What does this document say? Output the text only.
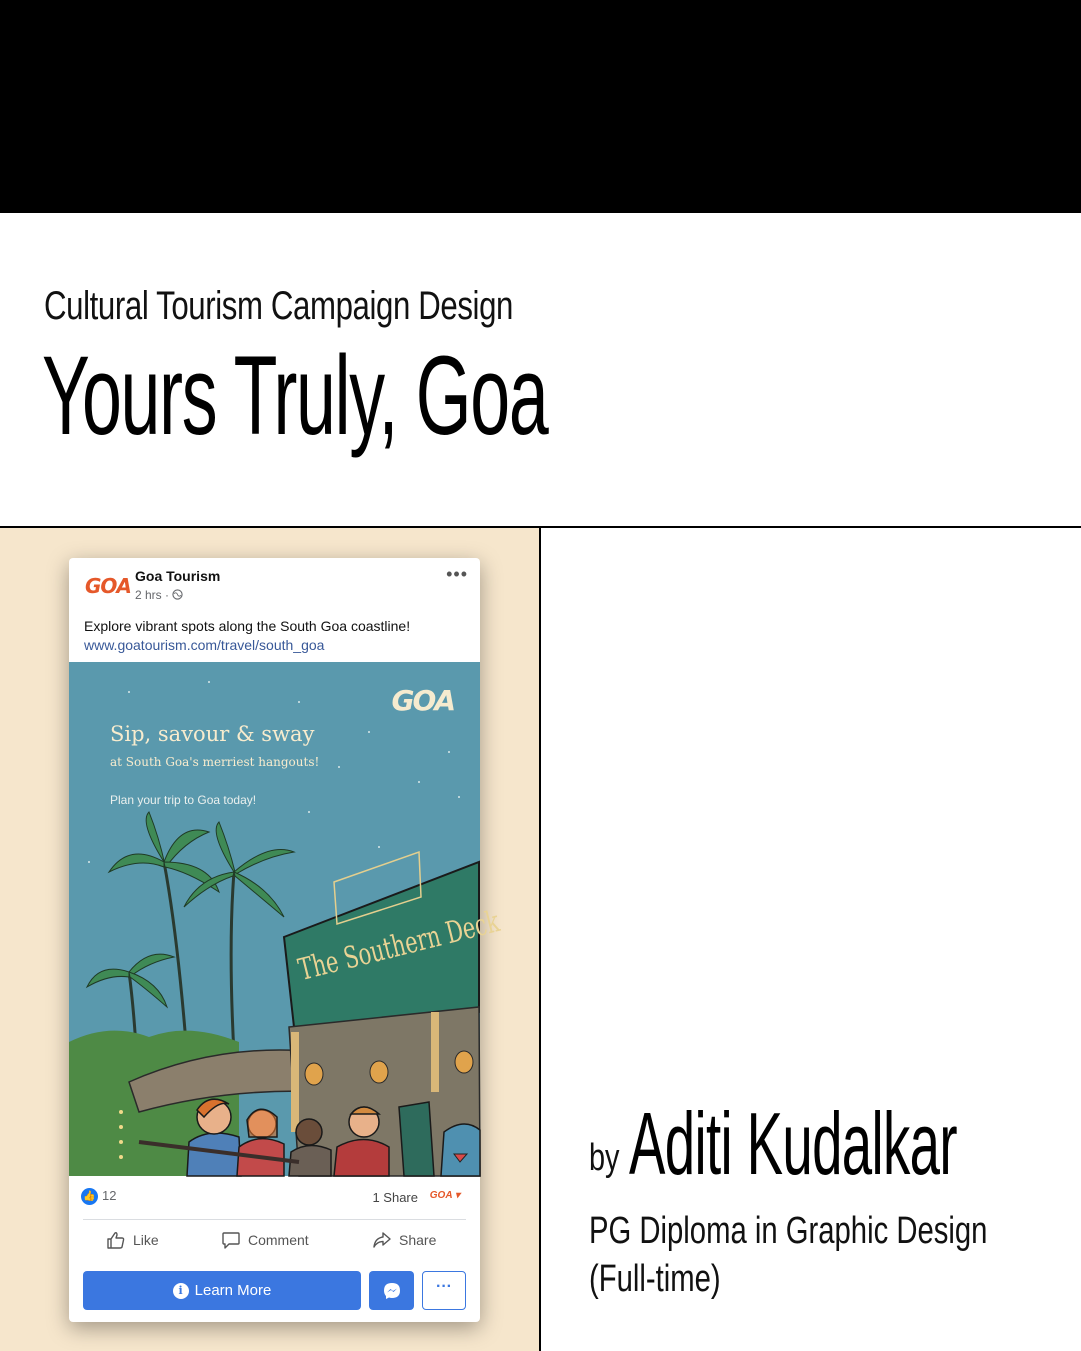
Cultural Tourism Campaign Design
Yours Truly, Goa
GOA Goa Tourism
2 hrs ·
•••
Explore vibrant spots along the South Goa coastline!
www.goatourism.com/travel/south_goa
GOA
Sip, savour & sway
at South Goa's merriest hangouts!
Plan your trip to Goa today!
The Southern Deck
👍 12	1 Share GOA ▾
Like	Comment	Share
i Learn More	···
by Aditi Kudalkar
PG Diploma in Graphic Design
(Full-time)
